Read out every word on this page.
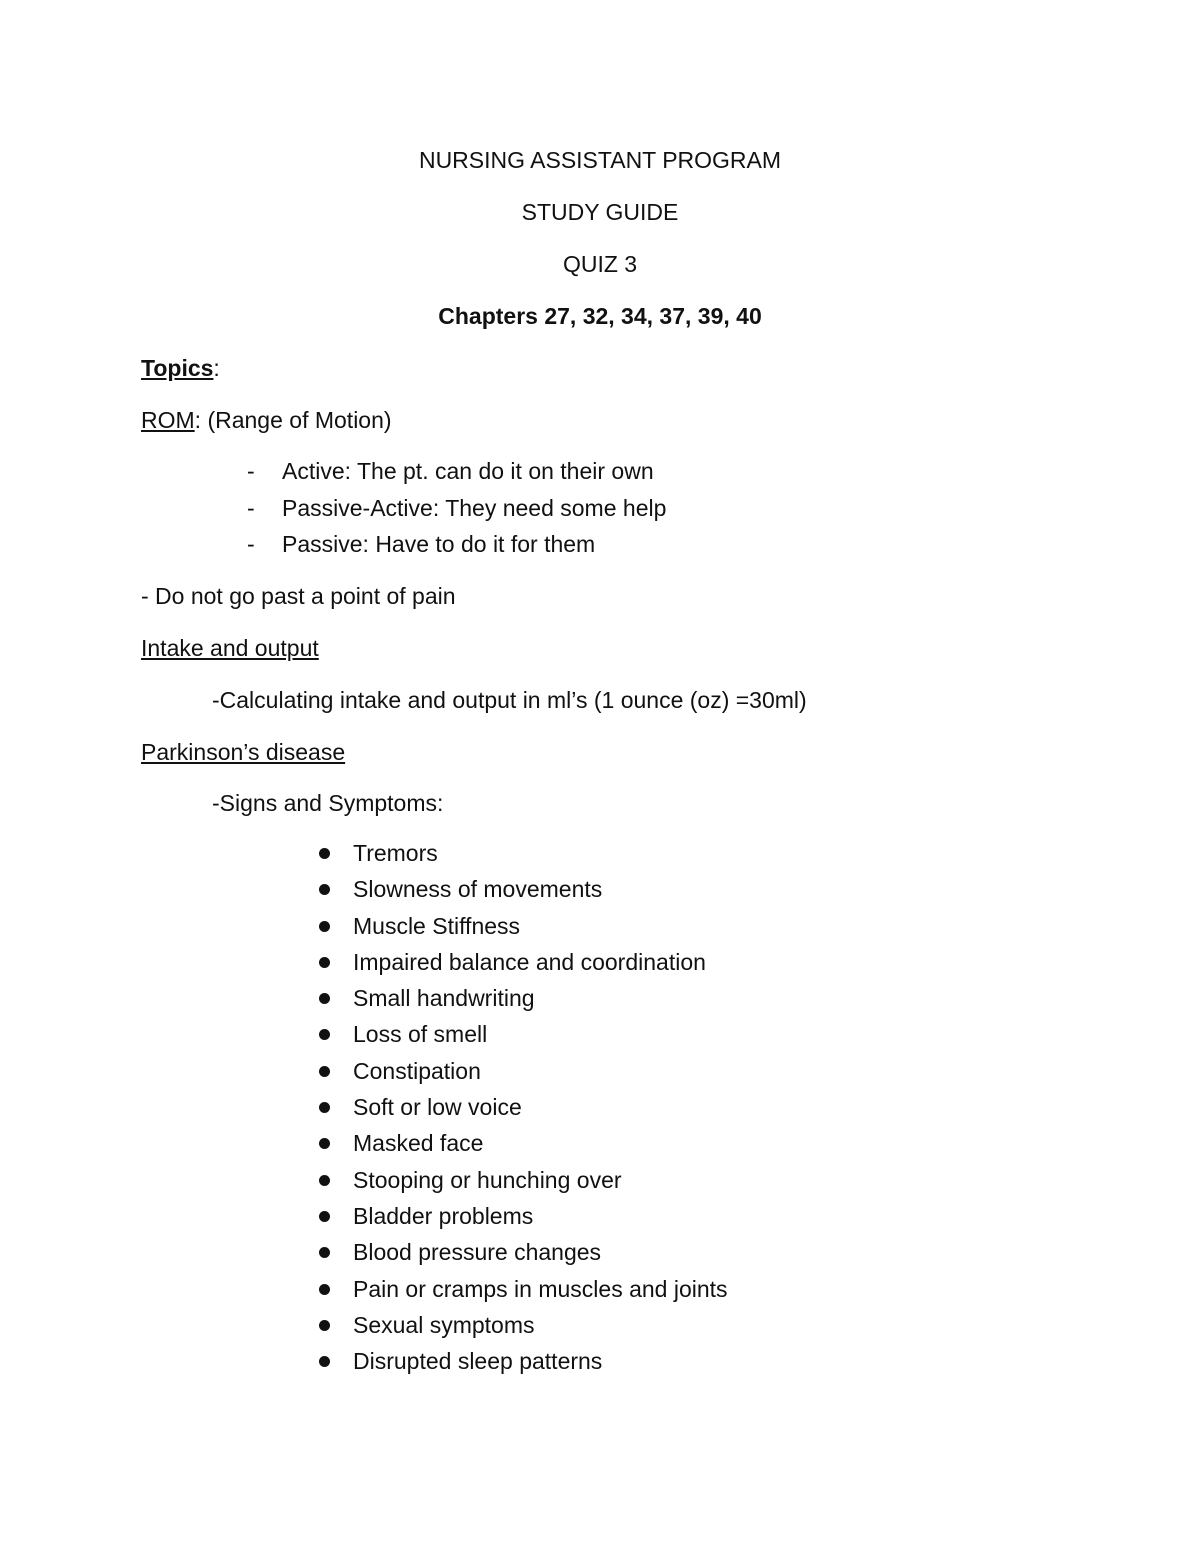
NURSING ASSISTANT PROGRAM
STUDY GUIDE
QUIZ 3
Chapters 27, 32, 34, 37, 39, 40
Topics:
ROM: (Range of Motion)
- Active: The pt. can do it on their own
- Passive-Active: They need some help
- Passive: Have to do it for them
- Do not go past a point of pain
Intake and output
-Calculating intake and output in ml’s (1 ounce (oz) =30ml)
Parkinson’s disease
-Signs and Symptoms:
Tremors
Slowness of movements
Muscle Stiffness
Impaired balance and coordination
Small handwriting
Loss of smell
Constipation
Soft or low voice
Masked face
Stooping or hunching over
Bladder problems
Blood pressure changes
Pain or cramps in muscles and joints
Sexual symptoms
Disrupted sleep patterns
